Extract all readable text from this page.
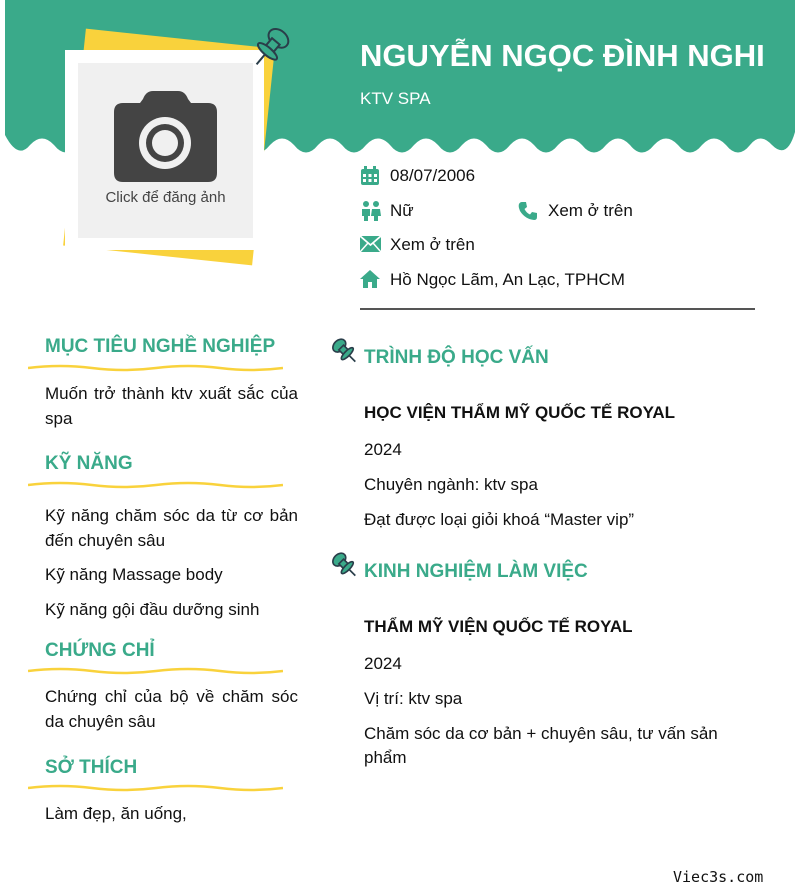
Click để đăng ảnh
NGUYỄN NGỌC ĐÌNH NGHI
KTV SPA
08/07/2006
Nữ	Xem ở trên
Xem ở trên
Hồ Ngọc Lãm, An Lạc, TPHCM
MỤC TIÊU NGHỀ NGHIỆP
Muốn trở thành ktv xuất sắc của spa
KỸ NĂNG
Kỹ năng chăm sóc da từ cơ bản đến chuyên sâu
Kỹ năng Massage body
Kỹ năng gội đầu dưỡng sinh
CHỨNG CHỈ
Chứng chỉ của bộ về chăm sóc da chuyên sâu
SỞ THÍCH
Làm đẹp, ăn uống,
TRÌNH ĐỘ HỌC VẤN
HỌC VIỆN THẨM MỸ QUỐC TẾ ROYAL
2024
Chuyên ngành: ktv spa
Đạt được loại giỏi khoá “Master vip”
KINH NGHIỆM LÀM VIỆC
THẨM MỸ VIỆN QUỐC TẾ ROYAL
2024
Vị trí: ktv spa
Chăm sóc da cơ bản + chuyên sâu, tư vấn sản phẩm
Viec3s.com
